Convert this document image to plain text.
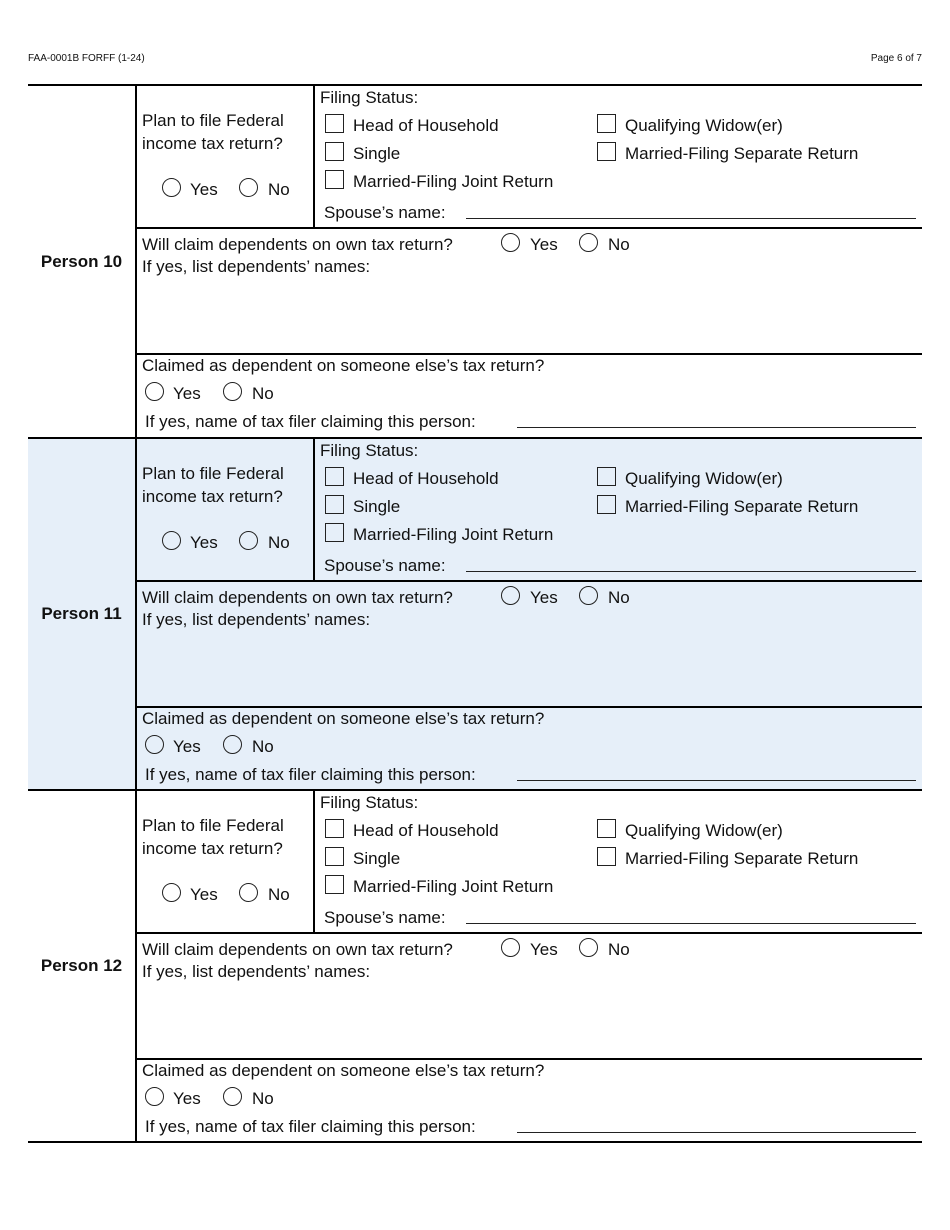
FAA-0001B FORFF (1-24)	Page 6 of 7
Person 10
Plan to file Federal
income tax return?
Yes	No
Filing Status:
Head of Household
Single
Married-Filing Joint Return
Qualifying Widow(er)
Married-Filing Separate Return
Spouse’s name:
Will claim dependents on own tax return?	Yes	No
If yes, list dependents’ names:
Claimed as dependent on someone else’s tax return?
Yes	No
If yes, name of tax filer claiming this person:
Person 11
Plan to file Federal
income tax return?
Yes	No
Filing Status:
Head of Household
Single
Married-Filing Joint Return
Qualifying Widow(er)
Married-Filing Separate Return
Spouse’s name:
Will claim dependents on own tax return?	Yes	No
If yes, list dependents’ names:
Claimed as dependent on someone else’s tax return?
Yes	No
If yes, name of tax filer claiming this person:
Person 12
Plan to file Federal
income tax return?
Yes	No
Filing Status:
Head of Household
Single
Married-Filing Joint Return
Qualifying Widow(er)
Married-Filing Separate Return
Spouse’s name:
Will claim dependents on own tax return?	Yes	No
If yes, list dependents’ names:
Claimed as dependent on someone else’s tax return?
Yes	No
If yes, name of tax filer claiming this person:
